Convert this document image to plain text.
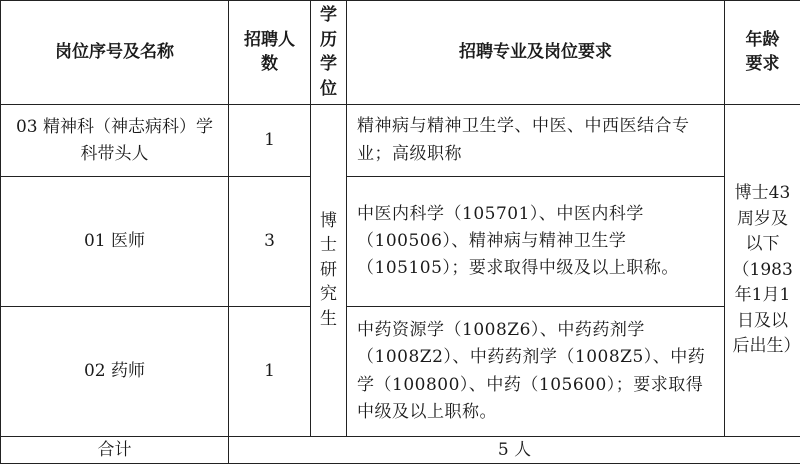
岗位序号及名称	招聘人数	学历学位	招聘专业及岗位要求	年龄要求
03 精神科（神志病科）学科带头人	1	博士研究生	精神病与精神卫生学、中医、中西医结合专业；高级职称	博士43周岁及以下（1983年1月1日及以后出生）
01 医师	3		中医内科学（105701）、中医内科学（100506）、精神病与精神卫生学（105105）；要求取得中级及以上职称。	
02 药师	1		中药资源学（1008Z6）、中药药剂学（1008Z2）、中药药剂学（1008Z5）、中药学（100800）、中药（105600）；要求取得中级及以上职称。	
合计	5 人			
